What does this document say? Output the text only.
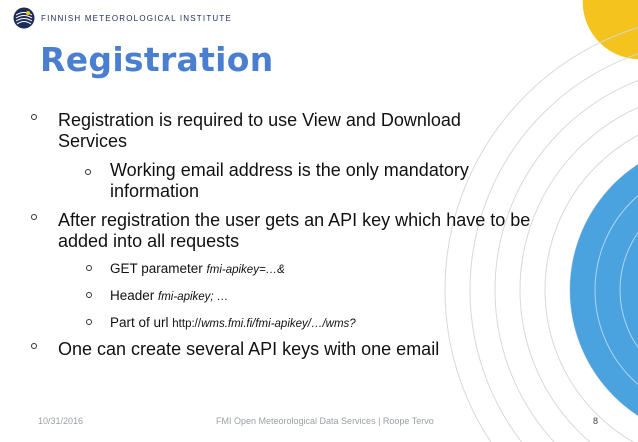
FINNISH METEOROLOGICAL INSTITUTE
Registration
Registration is required to use View and Download Services
Working email address is the only mandatory information
After registration the user gets an API key which have to be added into all requests
GET parameter fmi-apikey=…&
Header fmi-apikey; …
Part of url http://wms.fmi.fi/fmi-apikey/…/wms?
One can create several API keys with one email
10/31/2016	FMI Open Meteorological Data Services | Roope Tervo	8
